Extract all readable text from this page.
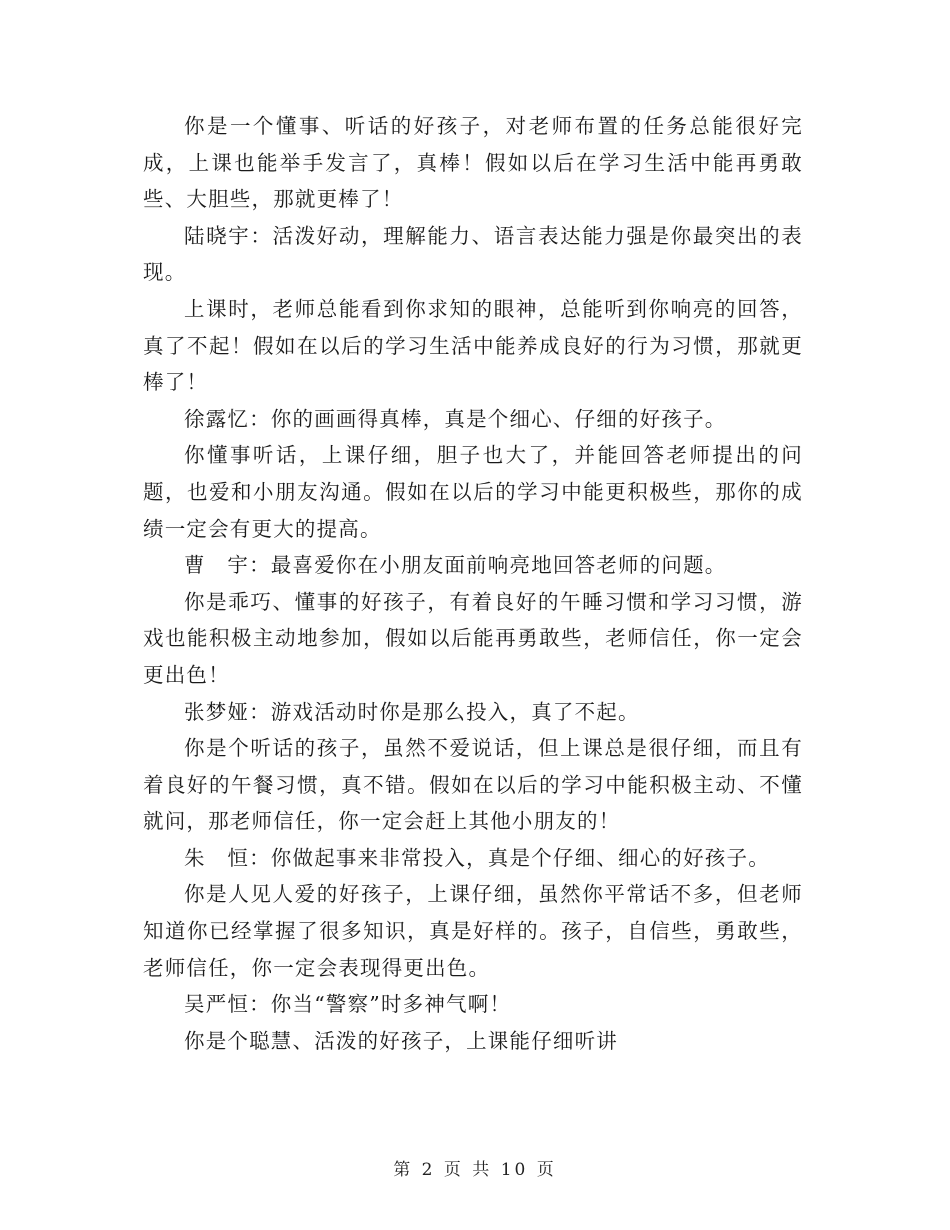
你是一个懂事、听话的好孩子，对老师布置的任务总能很好完成，上课也能举手发言了，真棒！假如以后在学习生活中能再勇敢些、大胆些，那就更棒了！

陆晓宇：活泼好动，理解能力、语言表达能力强是你最突出的表现。

上课时，老师总能看到你求知的眼神，总能听到你响亮的回答，真了不起！假如在以后的学习生活中能养成良好的行为习惯，那就更棒了！

徐露忆：你的画画得真棒，真是个细心、仔细的好孩子。

你懂事听话，上课仔细，胆子也大了，并能回答老师提出的问题，也爱和小朋友沟通。假如在以后的学习中能更积极些，那你的成绩一定会有更大的提高。

曹　宇：最喜爱你在小朋友面前响亮地回答老师的问题。

你是乖巧、懂事的好孩子，有着良好的午睡习惯和学习习惯，游戏也能积极主动地参加，假如以后能再勇敢些，老师信任，你一定会更出色！

张梦娅：游戏活动时你是那么投入，真了不起。

你是个听话的孩子，虽然不爱说话，但上课总是很仔细，而且有着良好的午餐习惯，真不错。假如在以后的学习中能积极主动、不懂就问，那老师信任，你一定会赶上其他小朋友的！

朱　恒：你做起事来非常投入，真是个仔细、细心的好孩子。

你是人见人爱的好孩子，上课仔细，虽然你平常话不多，但老师知道你已经掌握了很多知识，真是好样的。孩子，自信些，勇敢些，老师信任，你一定会表现得更出色。

吴严恒：你当“警察”时多神气啊！

你是个聪慧、活泼的好孩子，上课能仔细听讲

第 2 页 共 10 页
